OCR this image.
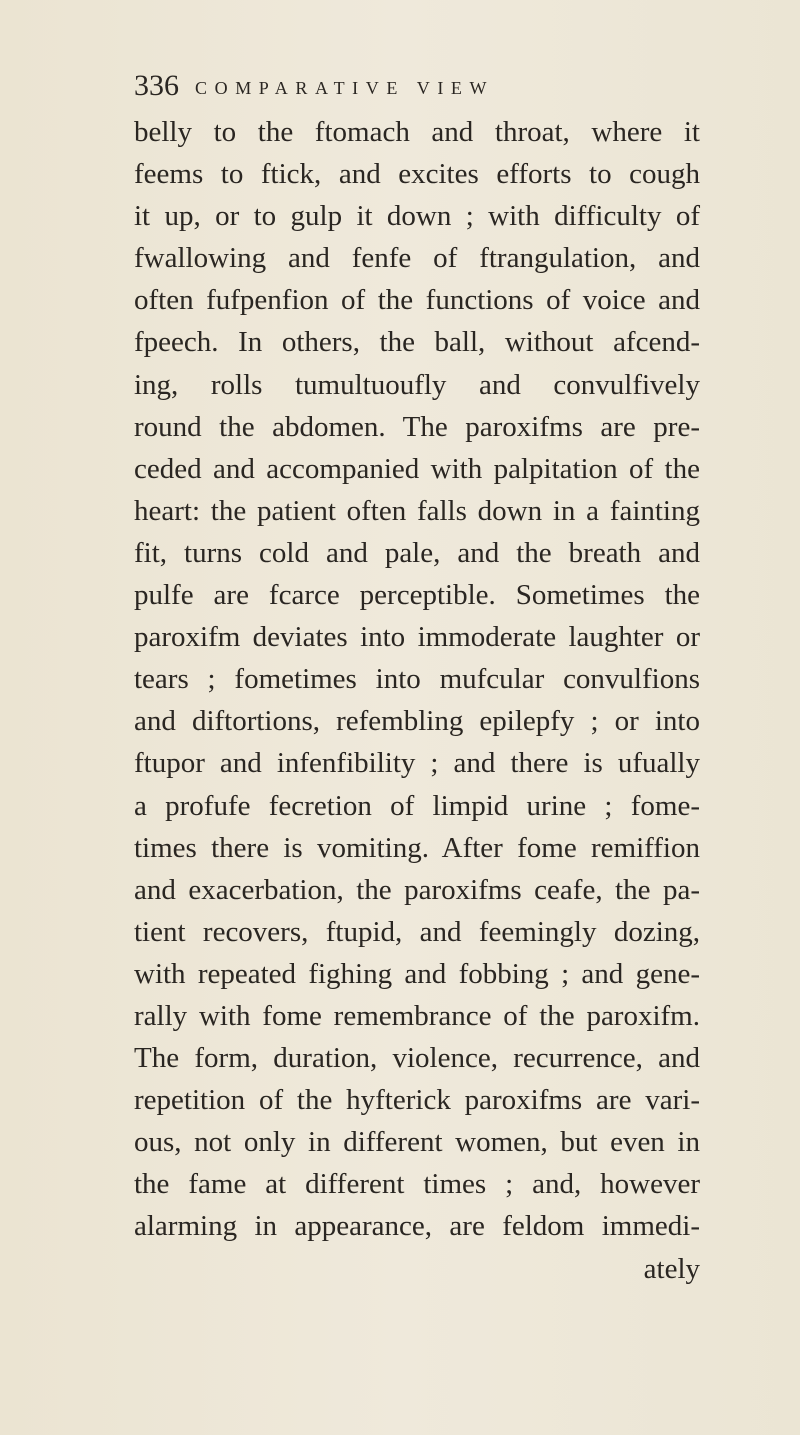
336 COMPARATIVE VIEW
belly to the ftomach and throat, where it
feems to ftick, and excites efforts to cough
it up, or to gulp it down ; with difficulty of
fwallowing and fenfe of ftrangulation, and
often fufpenfion of the functions of voice and
fpeech. In others, the ball, without afcend-
ing, rolls tumultuoufly and convulfively
round the abdomen. The paroxifms are pre-
ceded and accompanied with palpitation of the
heart: the patient often falls down in a fainting
fit, turns cold and pale, and the breath and
pulfe are fcarce perceptible. Sometimes the
paroxifm deviates into immoderate laughter or
tears ; fometimes into mufcular convulfions
and diftortions, refembling epilepfy ; or into
ftupor and infenfibility ; and there is ufually
a profufe fecretion of limpid urine ; fome-
times there is vomiting. After fome remiffion
and exacerbation, the paroxifms ceafe, the pa-
tient recovers, ftupid, and feemingly dozing,
with repeated fighing and fobbing ; and gene-
rally with fome remembrance of the paroxifm.
The form, duration, violence, recurrence, and
repetition of the hyfterick paroxifms are vari-
ous, not only in different women, but even in
the fame at different times ; and, however
alarming in appearance, are feldom immedi-
ately
